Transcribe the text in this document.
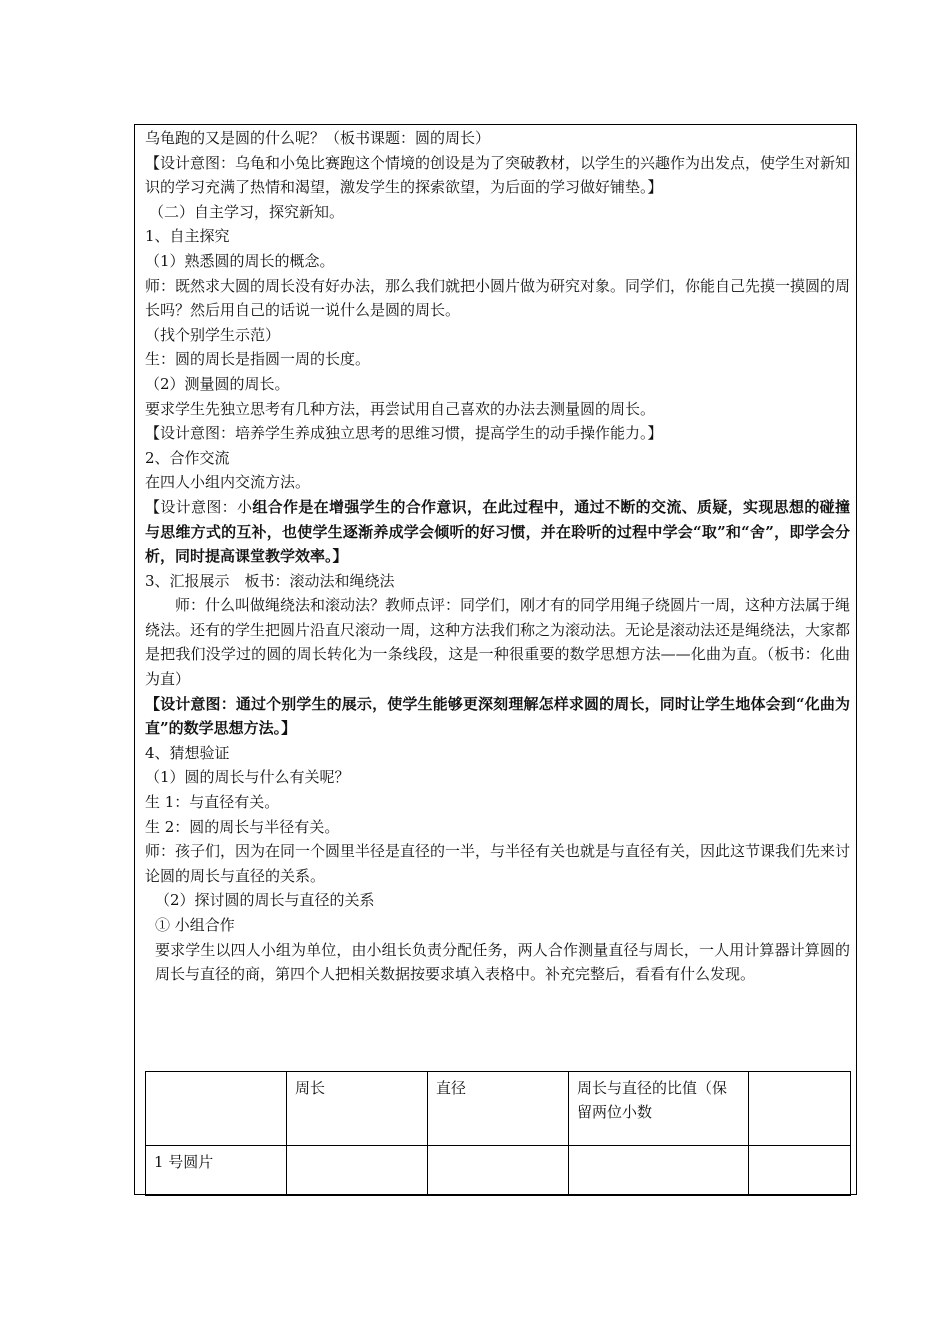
乌龟跑的又是圆的什么呢？（板书课题：圆的周长）

【设计意图：乌龟和小兔比赛跑这个情境的创设是为了突破教材，以学生的兴趣作为出发点，使学生对新知识的学习充满了热情和渴望，激发学生的探索欲望，为后面的学习做好铺垫。】

（二）自主学习，探究新知。

1、自主探究

（1）熟悉圆的周长的概念。

师：既然求大圆的周长没有好办法，那么我们就把小圆片做为研究对象。同学们，你能自己先摸一摸圆的周长吗？然后用自己的话说一说什么是圆的周长。

（找个别学生示范）

生：圆的周长是指圆一周的长度。

（2）测量圆的周长。

要求学生先独立思考有几种方法，再尝试用自己喜欢的办法去测量圆的周长。

【设计意图：培养学生养成独立思考的思维习惯，提高学生的动手操作能力。】

2、合作交流

在四人小组内交流方法。

【设计意图：小组合作是在增强学生的合作意识，在此过程中，通过不断的交流、质疑，实现思想的碰撞与思维方式的互补，也使学生逐渐养成学会倾听的好习惯，并在聆听的过程中学会“取”和“舍”，即学会分析，同时提高课堂教学效率。】

3、汇报展示　板书：滚动法和绳绕法

师：什么叫做绳绕法和滚动法？教师点评：同学们，刚才有的同学用绳子绕圆片一周，这种方法属于绳绕法。还有的学生把圆片沿直尺滚动一周，这种方法我们称之为滚动法。无论是滚动法还是绳绕法，大家都是把我们没学过的圆的周长转化为一条线段，这是一种很重要的数学思想方法——化曲为直。（板书：化曲为直）

【设计意图：通过个别学生的展示，使学生能够更深刻理解怎样求圆的周长，同时让学生地体会到“化曲为直”的数学思想方法。】

4、猜想验证

（1）圆的周长与什么有关呢？

生 1：与直径有关。

生 2：圆的周长与半径有关。

师：孩子们，因为在同一个圆里半径是直径的一半，与半径有关也就是与直径有关，因此这节课我们先来讨论圆的周长与直径的关系。

（2）探讨圆的周长与直径的关系

① 小组合作

要求学生以四人小组为单位，由小组长负责分配任务，两人合作测量直径与周长，一人用计算器计算圆的周长与直径的商，第四个人把相关数据按要求填入表格中。补充完整后，看看有什么发现。

	周长	直径	周长与直径的比值（保留两位小数	
1 号圆片				
